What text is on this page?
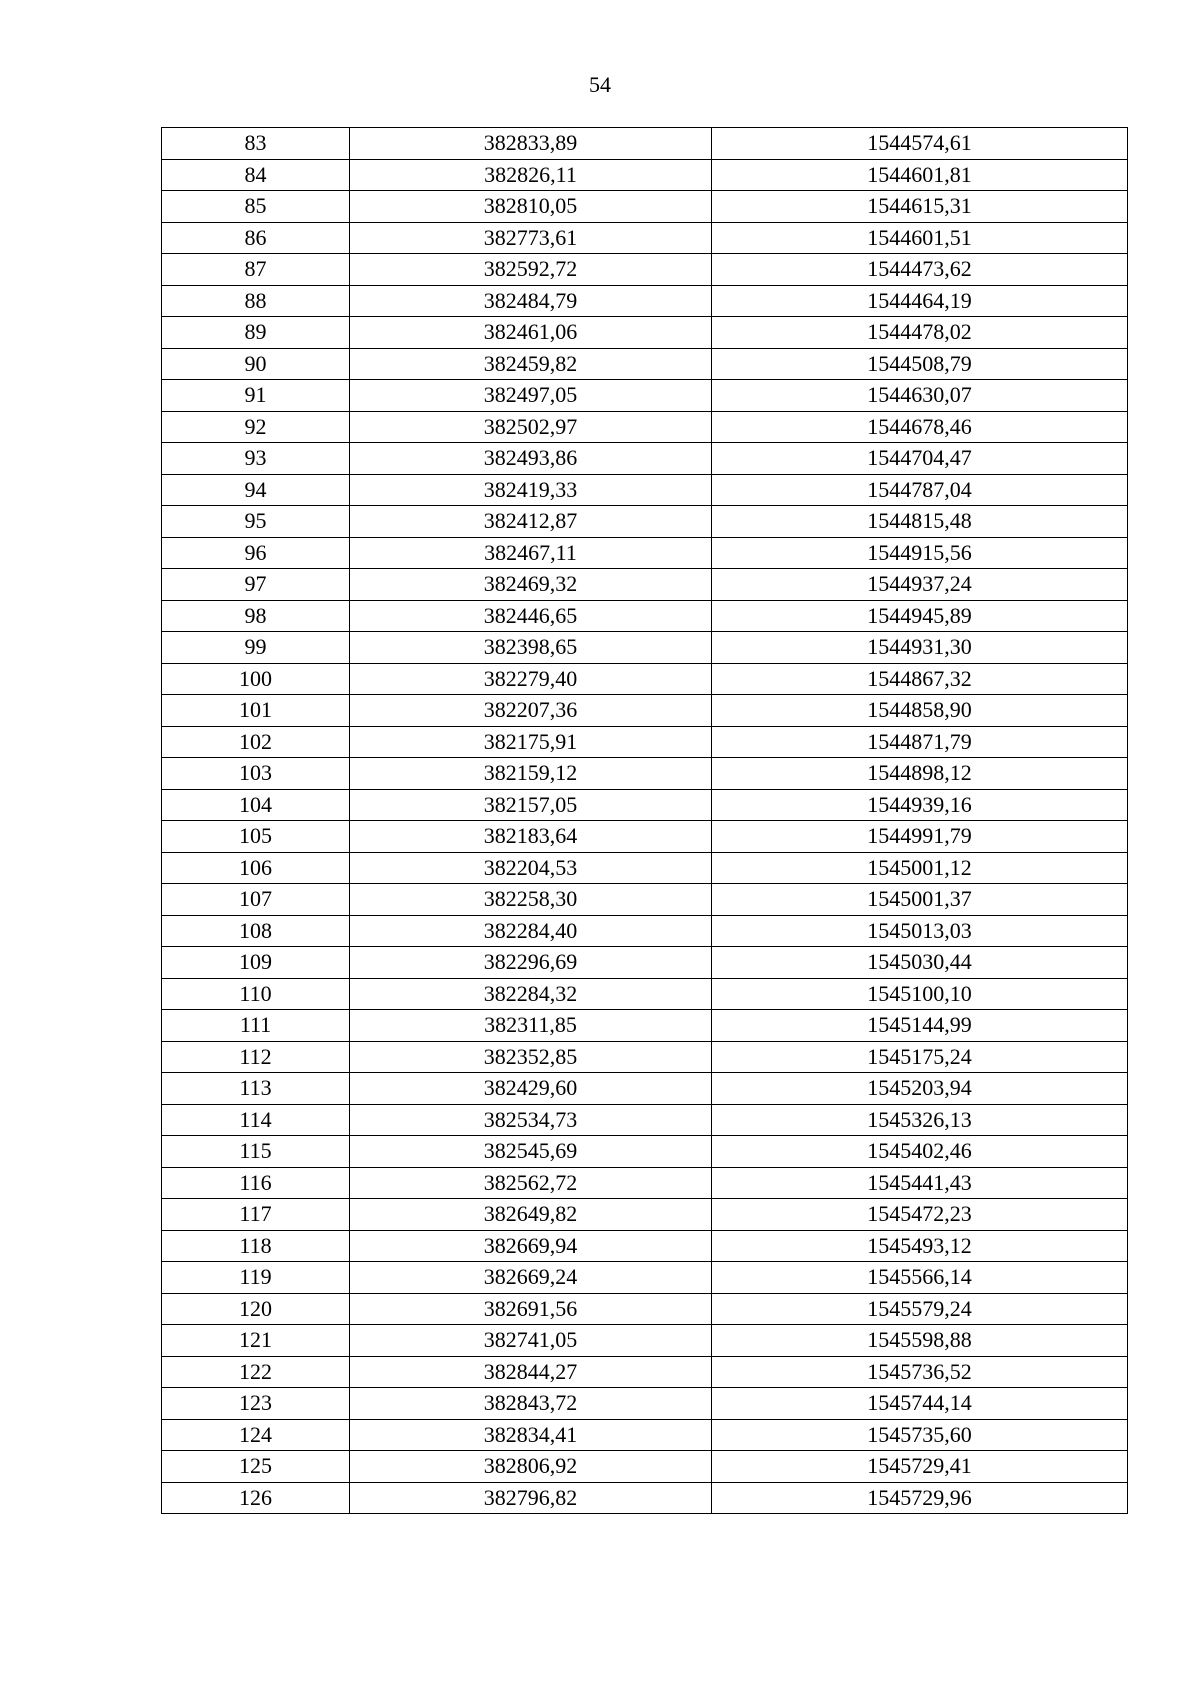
54
83	382833,89	1544574,61
84	382826,11	1544601,81
85	382810,05	1544615,31
86	382773,61	1544601,51
87	382592,72	1544473,62
88	382484,79	1544464,19
89	382461,06	1544478,02
90	382459,82	1544508,79
91	382497,05	1544630,07
92	382502,97	1544678,46
93	382493,86	1544704,47
94	382419,33	1544787,04
95	382412,87	1544815,48
96	382467,11	1544915,56
97	382469,32	1544937,24
98	382446,65	1544945,89
99	382398,65	1544931,30
100	382279,40	1544867,32
101	382207,36	1544858,90
102	382175,91	1544871,79
103	382159,12	1544898,12
104	382157,05	1544939,16
105	382183,64	1544991,79
106	382204,53	1545001,12
107	382258,30	1545001,37
108	382284,40	1545013,03
109	382296,69	1545030,44
110	382284,32	1545100,10
111	382311,85	1545144,99
112	382352,85	1545175,24
113	382429,60	1545203,94
114	382534,73	1545326,13
115	382545,69	1545402,46
116	382562,72	1545441,43
117	382649,82	1545472,23
118	382669,94	1545493,12
119	382669,24	1545566,14
120	382691,56	1545579,24
121	382741,05	1545598,88
122	382844,27	1545736,52
123	382843,72	1545744,14
124	382834,41	1545735,60
125	382806,92	1545729,41
126	382796,82	1545729,96
